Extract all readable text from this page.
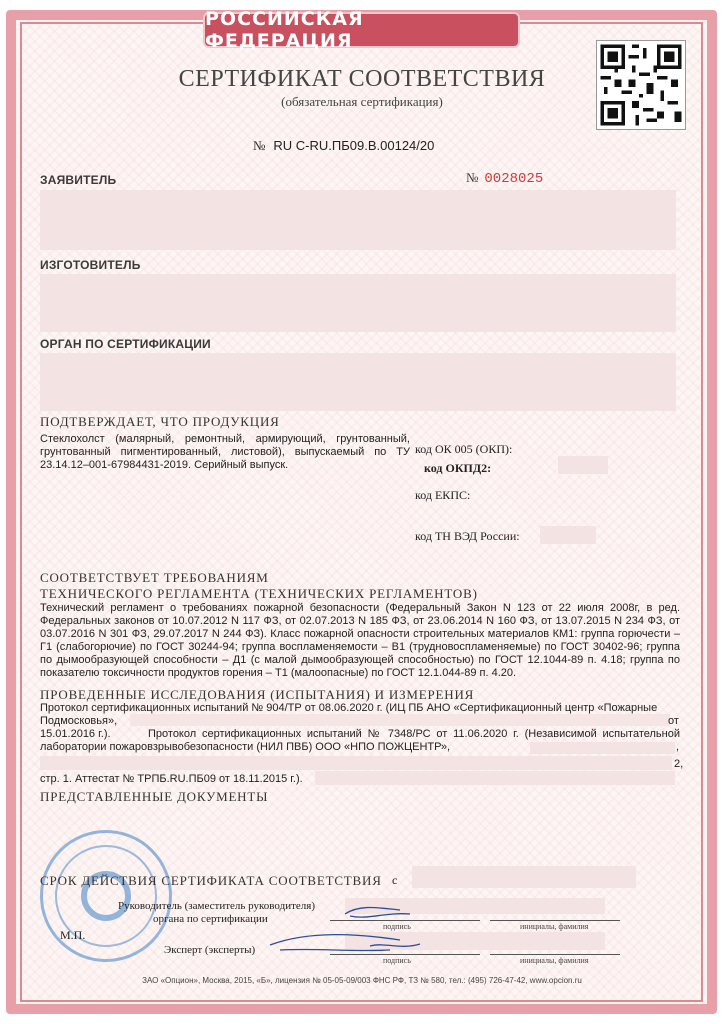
РОССИЙСКАЯ ФЕДЕРАЦИЯ
СЕРТИФИКАТ СООТВЕТСТВИЯ
(обязательная сертификация)
№ RU C-RU.ПБ09.В.00124/20
ЗАЯВИТЕЛЬ	№ 0028025
ИЗГОТОВИТЕЛЬ
ОРГАН ПО СЕРТИФИКАЦИИ
ПОДТВЕРЖДАЕТ, ЧТО ПРОДУКЦИЯ
Стеклохолст (малярный, ремонтный, армирующий, грунтованный, грунтованный пигментированный, листовой), выпускаемый по ТУ 23.14.12–001-67984431-2019. Серийный выпуск.
код ОК 005 (ОКП):
код ОКПД2:
код ЕКПС:
код ТН ВЭД России:
СООТВЕТСТВУЕТ ТРЕБОВАНИЯМ
ТЕХНИЧЕСКОГО РЕГЛАМЕНТА (ТЕХНИЧЕСКИХ РЕГЛАМЕНТОВ)
Технический регламент о требованиях пожарной безопасности (Федеральный Закон N 123 от 22 июля 2008г, в ред. Федеральных законов от 10.07.2012 N 117 ФЗ, от 02.07.2013 N 185 ФЗ, от 23.06.2014 N 160 ФЗ, от 13.07.2015 N 234 ФЗ, от 03.07.2016 N 301 ФЗ, 29.07.2017 N 244 ФЗ). Класс пожарной опасности строительных материалов КМ1: группа горючести – Г1 (слабогорючие) по ГОСТ 30244-94; группа воспламеняемости – В1 (трудновоспламеняемые) по ГОСТ 30402-96; группа по дымообразующей способности – Д1 (с малой дымообразующей способностью) по ГОСТ 12.1044-89 п. 4.18; группа по показателю токсичности продуктов горения – Т1 (малоопасные) по ГОСТ 12.1.044-89 п. 4.20.
ПРОВЕДЕННЫЕ ИССЛЕДОВАНИЯ (ИСПЫТАНИЯ) И ИЗМЕРЕНИЯ
Протокол сертификационных испытаний № 904/ТР от 08.06.2020 г. (ИЦ ПБ АНО «Сертификационный центр «Пожарные Подмосковья»,	от
15.01.2016 г.).	Протокол сертификационных испытаний № 7348/РС от 11.06.2020 г. (Независимой испытательной лаборатории пожаровзрывобезопасности (НИЛ ПВБ) ООО «НПО ПОЖЦЕНТР»,	,
2,
стр. 1. Аттестат № ТРПБ.RU.ПБ09 от 18.11.2015 г.).
ПРЕДСТАВЛЕННЫЕ ДОКУМЕНТЫ
СРОК ДЕЙСТВИЯ СЕРТИФИКАТА СООТВЕТСТВИЯ с
Руководитель (заместитель руководителя)
органа по сертификации
подпись	инициалы, фамилия
М.П.
Эксперт (эксперты)
подпись	инициалы, фамилия
ЗАО «Опцион», Москва, 2015, «Б», лицензия № 05-05-09/003 ФНС РФ, ТЗ № 580, тел.: (495) 726-47-42, www.opcion.ru
